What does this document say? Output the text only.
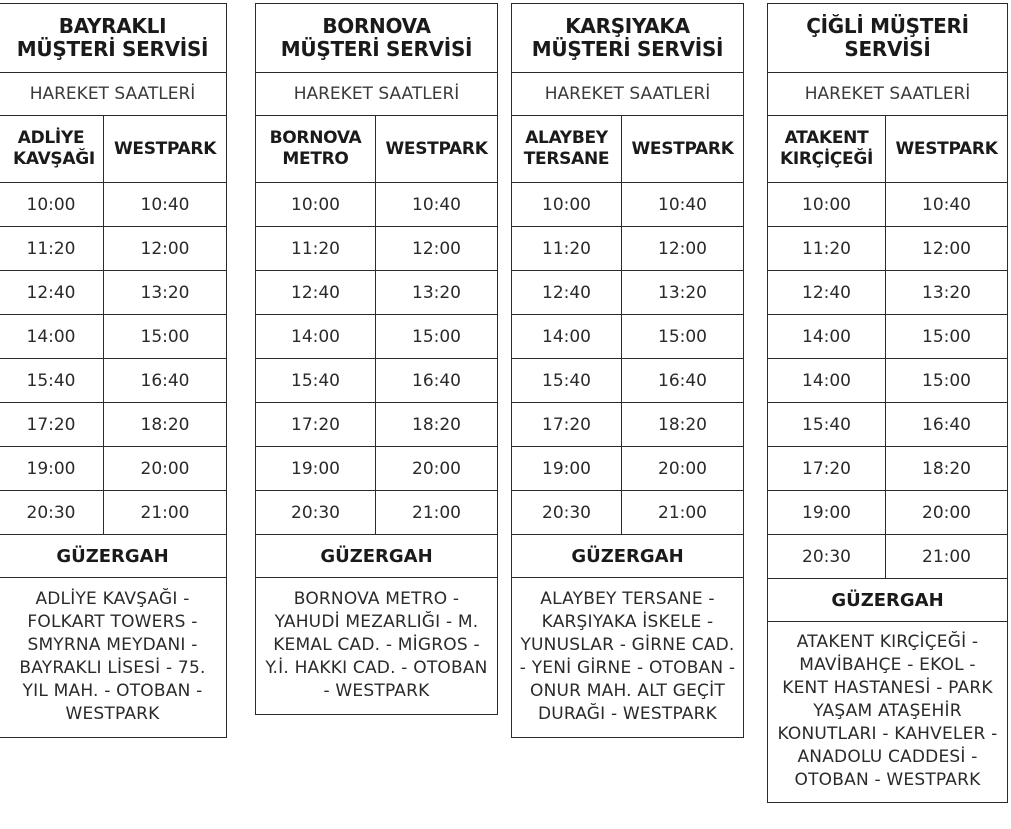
BAYRAKLI MÜŞTERİ SERVİSİ	
HAREKET SAATLERİ	
ADLİYE KAVŞAĞI	WESTPARK
10:00	10:40
11:20	12:00
12:40	13:20
14:00	15:00
15:40	16:40
17:20	18:20
19:00	20:00
20:30	21:00
GÜZERGAH	
ADLİYE KAVŞAĞI - FOLKART TOWERS - SMYRNA MEYDANI - BAYRAKLI LİSESİ - 75. YIL MAH. - OTOBAN - WESTPARK	
BORNOVA MÜŞTERİ SERVİSİ	
HAREKET SAATLERİ	
BORNOVA METRO	WESTPARK
10:00	10:40
11:20	12:00
12:40	13:20
14:00	15:00
15:40	16:40
17:20	18:20
19:00	20:00
20:30	21:00
GÜZERGAH	
BORNOVA METRO - YAHUDİ MEZARLIĞI - M. KEMAL CAD. - MİGROS - Y.İ. HAKKI CAD. - OTOBAN - WESTPARK	
KARŞIYAKA MÜŞTERİ SERVİSİ	
HAREKET SAATLERİ	
ALAYBEY TERSANE	WESTPARK
10:00	10:40
11:20	12:00
12:40	13:20
14:00	15:00
15:40	16:40
17:20	18:20
19:00	20:00
20:30	21:00
GÜZERGAH	
ALAYBEY TERSANE - KARŞIYAKA İSKELE - YUNUSLAR - GİRNE CAD. - YENİ GİRNE - OTOBAN - ONUR MAH. ALT GEÇİT DURAĞI - WESTPARK	
ÇİĞLİ MÜŞTERİ SERVİSİ	
HAREKET SAATLERİ	
ATAKENT KIRÇİÇEĞİ	WESTPARK
10:00	10:40
11:20	12:00
12:40	13:20
14:00	15:00
14:00	15:00
15:40	16:40
17:20	18:20
19:00	20:00
20:30	21:00
GÜZERGAH	
ATAKENT KIRÇİÇEĞİ - MAVİBAHÇE - EKOL - KENT HASTANESİ - PARK YAŞAM ATAŞEHİR KONUTLARI - KAHVELER - ANADOLU CADDESİ - OTOBAN - WESTPARK	
